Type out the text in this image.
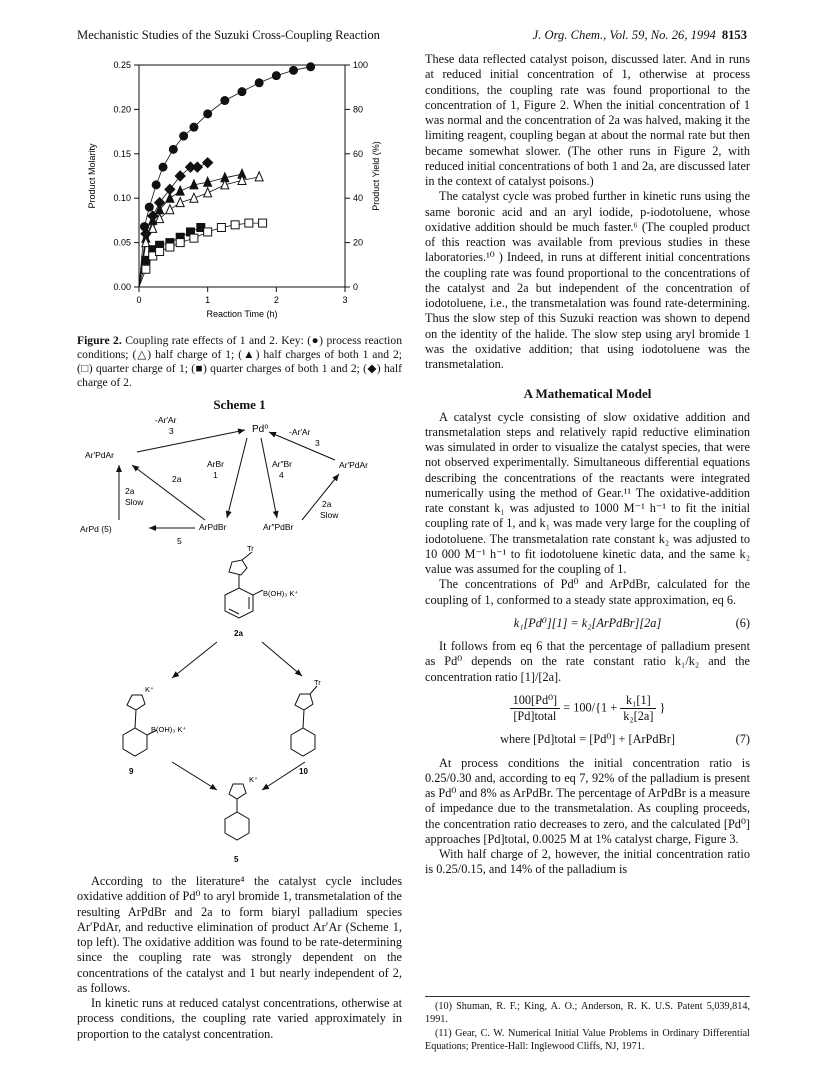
Mechanistic Studies of the Suzuki Cross-Coupling Reaction	J. Org. Chem., Vol. 59, No. 26, 1994 8153
0.00
0.05
0.10
0.15
0.20
0.25
0
20
40
60
80
100
0	1	2	3
Reaction Time (h)
Product Molarity	Product Yield (%)
Figure 2. Coupling rate effects of 1 and 2. Key: (●) process reaction conditions; (△) half charge of 1; (▲) half charges of both 1 and 2; (□) quarter charge of 1; (■) quarter charges of both 1 and 2; (◆) half charge of 2.
Scheme 1
Pd⁰
-Ar′Ar
3	-Ar′Ar
3
Ar′PdAr
Ar′PdAr
ArBr
1
Ar″Br
4
2a
2a
Slow	2a
Slow
ArPd (5)
5
ArPdBr	Ar″PdBr
Tr
B(OH)₃ K⁺
2a
K⁺
B(OH)₃ K⁺
9
Tr
10
K⁺
5

According to the literature⁴ the catalyst cycle includes oxidative addition of Pd⁰ to aryl bromide 1, transmetalation of the resulting ArPdBr and 2a to form biaryl palladium species Ar′PdAr, and reductive elimination of product Ar′Ar (Scheme 1, top left). The oxidative addition was found to be rate-determining since the coupling rate was strongly dependent on the concentrations of the catalyst and 1 but nearly independent of 2, as follows.

In kinetic runs at reduced catalyst concentrations, otherwise at process conditions, the coupling rate varied approximately in proportion to the catalyst concentration.

These data reflected catalyst poison, discussed later. And in runs at reduced initial concentration of 1, otherwise at process conditions, the coupling rate was found proportional to the concentration of 1, Figure 2. When the initial concentration of 1 was normal and the concentration of 2a was halved, making it the limiting reagent, coupling began at about the normal rate but then became somewhat slower. (The other runs in Figure 2, with reduced initial concentrations of both 1 and 2a, are discussed later in the context of catalyst poisons.)

The catalyst cycle was probed further in kinetic runs using the same boronic acid and an aryl iodide, p-iodotoluene, whose oxidative addition should be much faster.⁶ (The coupled product of this reaction was available from previous studies in these laboratories.¹⁰ ) Indeed, in runs at different initial concentrations the coupling rate was found proportional to the concentrations of the catalyst and 2a but independent of the concentration of iodotoluene, i.e., the transmetalation was found rate-determining. Thus the slow step of this Suzuki reaction was shown to depend on the identity of the halide. The slow step using aryl bromide 1 was the oxidative addition; that using iodotoluene was the transmetalation.

A Mathematical Model

A catalyst cycle consisting of slow oxidative addition and transmetalation steps and relatively rapid reductive elimination was simulated in order to visualize the catalyst species, that were not observed experimentally. Simultaneous differential equations describing the concentrations of the reactants were integrated numerically using the method of Gear.¹¹ The oxidative-addition rate constant k₁ was adjusted to 1000 M⁻¹ h⁻¹ to fit the initial coupling rate of 1, and k₁ was made very large for the coupling of iodotoluene. The transmetalation rate constant k₂ was adjusted to 10 000 M⁻¹ h⁻¹ to fit iodotoluene kinetic data, and the same k₂ value was assumed for the coupling of 1.

The concentrations of Pd⁰ and ArPdBr, calculated for the coupling of 1, conformed to a steady state approximation, eq 6.

k₁[Pd⁰][1] = k₂[ArPdBr][2a]	(6)

It follows from eq 6 that the percentage of palladium present as Pd⁰ depends on the rate constant ratio k₁/k₂ and the concentration ratio [1]/[2a].

$\frac{\text{100[Pd⁰]}}{\text{[Pd]total}} = 100/\{1 + \frac{\text{k₁[1]}}{\text{k₂[2a]}}$ }
where [Pd]total = [Pd⁰] + [ArPdBr]	(7)

At process conditions the initial concentration ratio is 0.25/0.30 and, according to eq 7, 92% of the palladium is present as Pd⁰ and 8% as ArPdBr. The percentage of ArPdBr is a measure of impedance due to the transmetalation. As coupling proceeds, the concentration ratio decreases to zero, and the calculated [Pd⁰] approaches [Pd]total, 0.0025 M at 1% catalyst charge, Figure 3.

With half charge of 2, however, the initial concentration ratio is 0.25/0.15, and 14% of the palladium is

(10) Shuman, R. F.; King, A. O.; Anderson, R. K. U.S. Patent 5,039,814, 1991.

(11) Gear, C. W. Numerical Initial Value Problems in Ordinary Differential Equations; Prentice-Hall: Inglewood Cliffs, NJ, 1971.
